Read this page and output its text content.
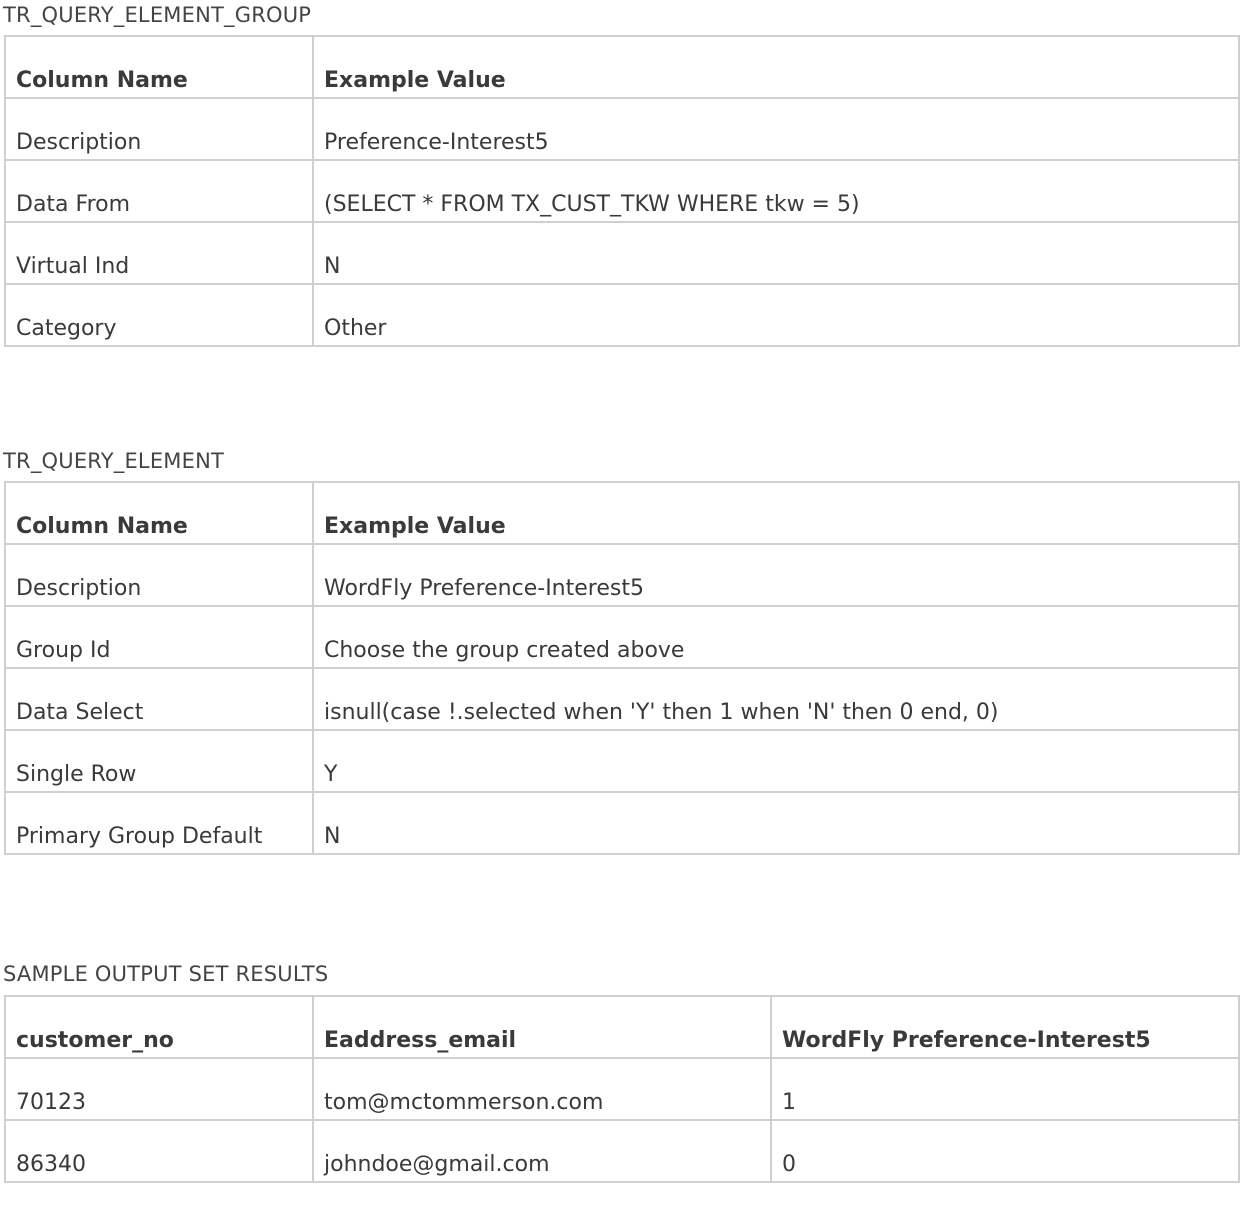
TR_QUERY_ELEMENT_GROUP
Column Name	Example Value
Description	Preference-Interest5
Data From	(SELECT * FROM TX_CUST_TKW WHERE tkw = 5)
Virtual Ind	N
Category	Other
TR_QUERY_ELEMENT
Column Name	Example Value
Description	WordFly Preference-Interest5
Group Id	Choose the group created above
Data Select	isnull(case !.selected when 'Y' then 1 when 'N' then 0 end, 0)
Single Row	Y
Primary Group Default	N
SAMPLE OUTPUT SET RESULTS
customer_no	Eaddress_email	WordFly Preference-Interest5
70123	tom@mctommerson.com	1
86340	johndoe@gmail.com	0
